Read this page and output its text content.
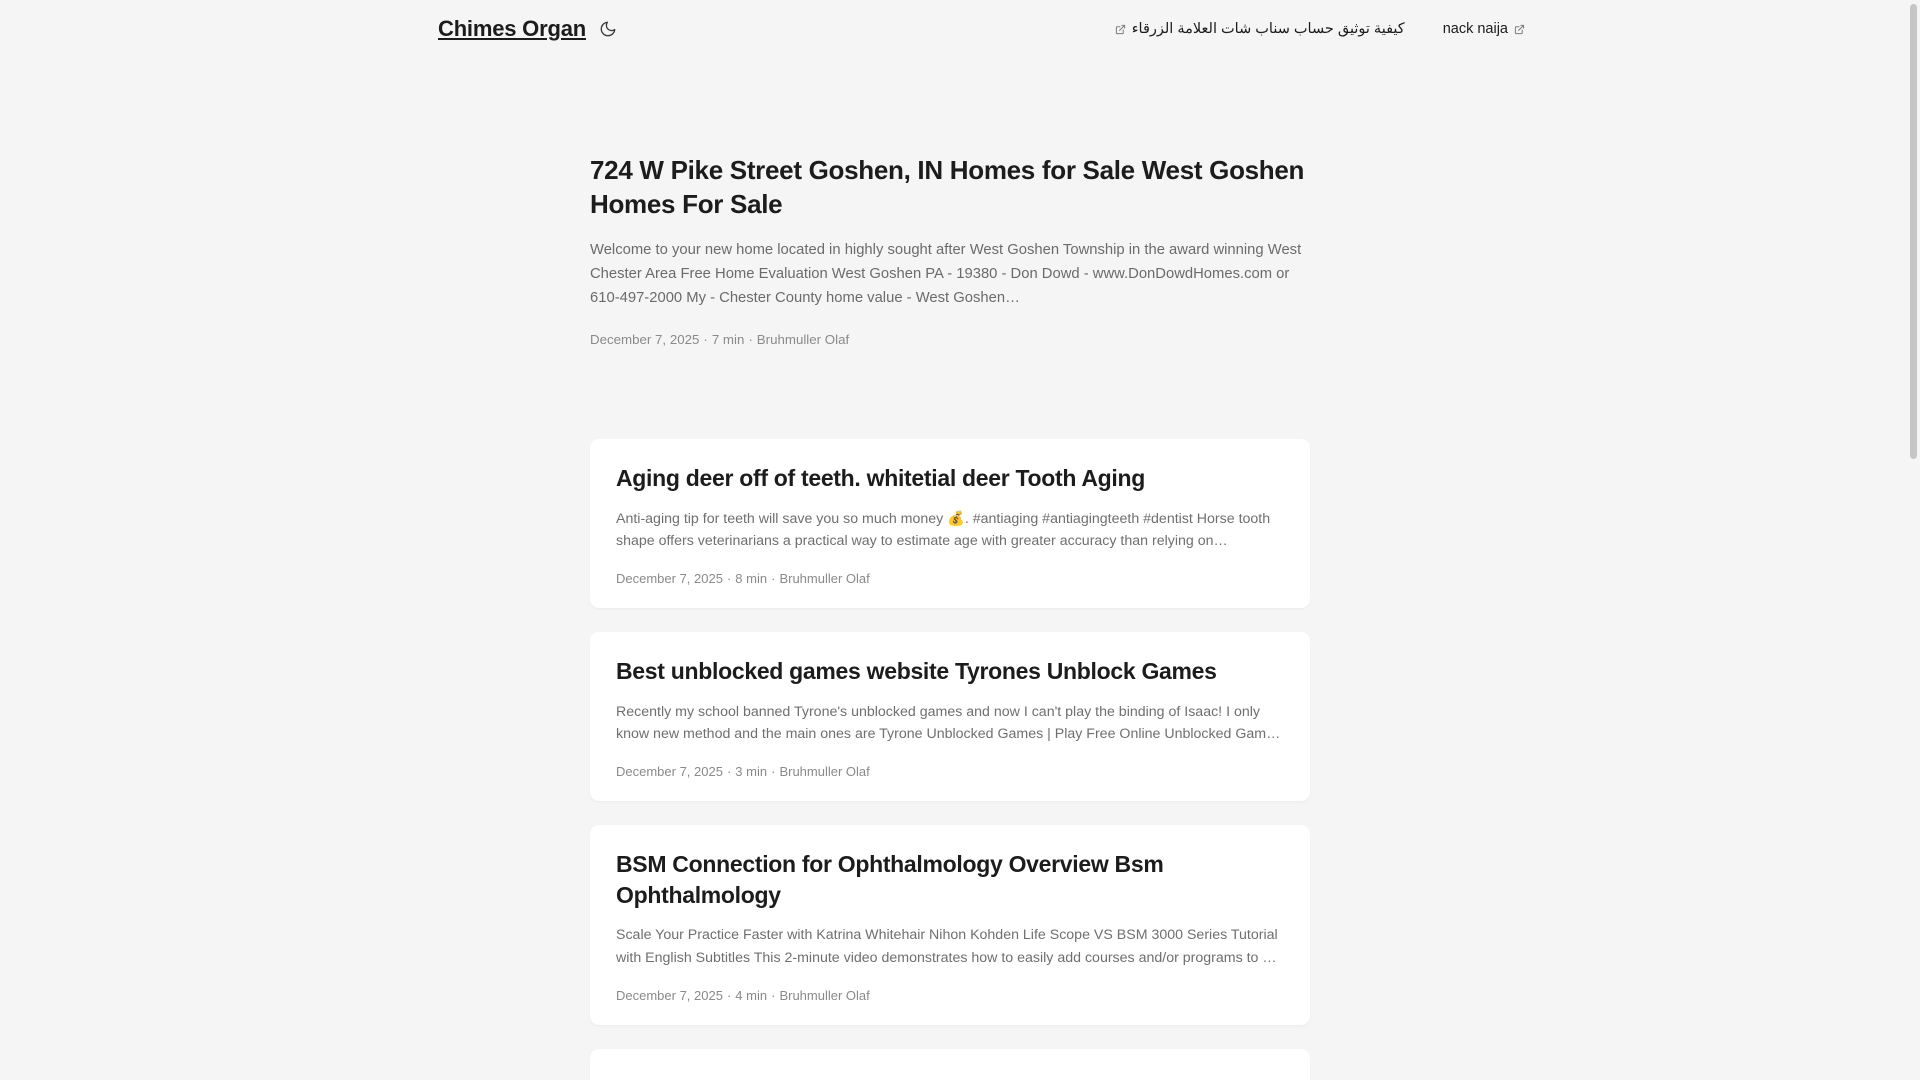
Chimes Organ	كيفية توثيق حساب سناب شات العلامة الزرقاء	nack naija
724 W Pike Street Goshen, IN Homes for Sale West Goshen Homes For Sale

Welcome to your new home located in highly sought after West Goshen Township in the award winning West Chester Area Free Home Evaluation West Goshen PA - 19380 - Don Dowd - www.DonDowdHomes.com or 610-497-2000 My - Chester County home value - West Goshen…

December 7, 2025 · 7 min · Bruhmuller Olaf
Aging deer off of teeth. whitetial deer Tooth Aging

Anti-aging tip for teeth will save you so much money 💰. #antiaging #antiagingteeth #dentist Horse tooth shape offers veterinarians a practical way to estimate age with greater accuracy than relying on…

December 7, 2025 · 8 min · Bruhmuller Olaf
Best unblocked games website Tyrones Unblock Games

Recently my school banned Tyrone's unblocked games and now I can't play the binding of Isaac! I only know new method and the main ones are Tyrone Unblocked Games | Play Free Online Unblocked Gam…

December 7, 2025 · 3 min · Bruhmuller Olaf
BSM Connection for Ophthalmology Overview Bsm Ophthalmology

Scale Your Practice Faster with Katrina Whitehair Nihon Kohden Life Scope VS BSM 3000 Series Tutorial with English Subtitles This 2-minute video demonstrates how to easily add courses and/or programs to …

December 7, 2025 · 4 min · Bruhmuller Olaf
